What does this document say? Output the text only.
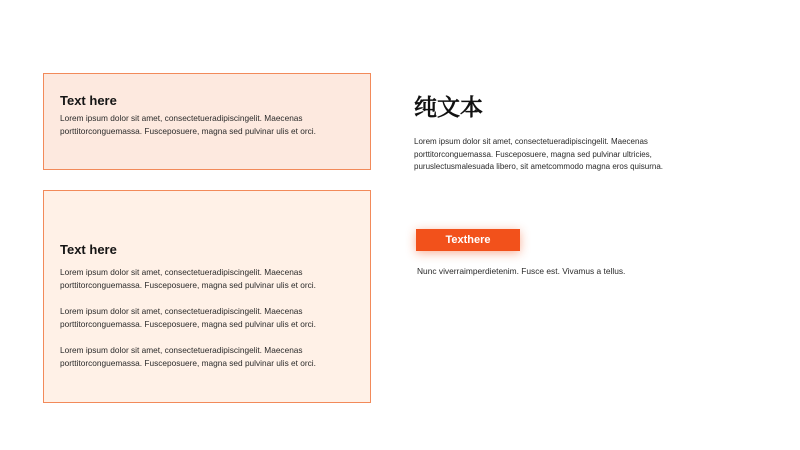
Text here
Lorem ipsum dolor sit amet, consectetueradipiscingelit. Maecenas
porttitorconguemassa. Fusceposuere, magna sed pulvinar ulis et orci.
Text here
Lorem ipsum dolor sit amet, consectetueradipiscingelit. Maecenas
porttitorconguemassa. Fusceposuere, magna sed pulvinar ulis et orci.
Lorem ipsum dolor sit amet, consectetueradipiscingelit. Maecenas
porttitorconguemassa. Fusceposuere, magna sed pulvinar ulis et orci.
Lorem ipsum dolor sit amet, consectetueradipiscingelit. Maecenas
porttitorconguemassa. Fusceposuere, magna sed pulvinar ulis et orci.
纯文本
Lorem ipsum dolor sit amet, consectetueradipiscingelit. Maecenas
porttitorconguemassa. Fusceposuere, magna sed pulvinar ultricies,
puruslectusmalesuada libero, sit ametcommodo magna eros quisurna.
Texthere
Nunc viverraimperdietenim. Fusce est. Vivamus a tellus.
